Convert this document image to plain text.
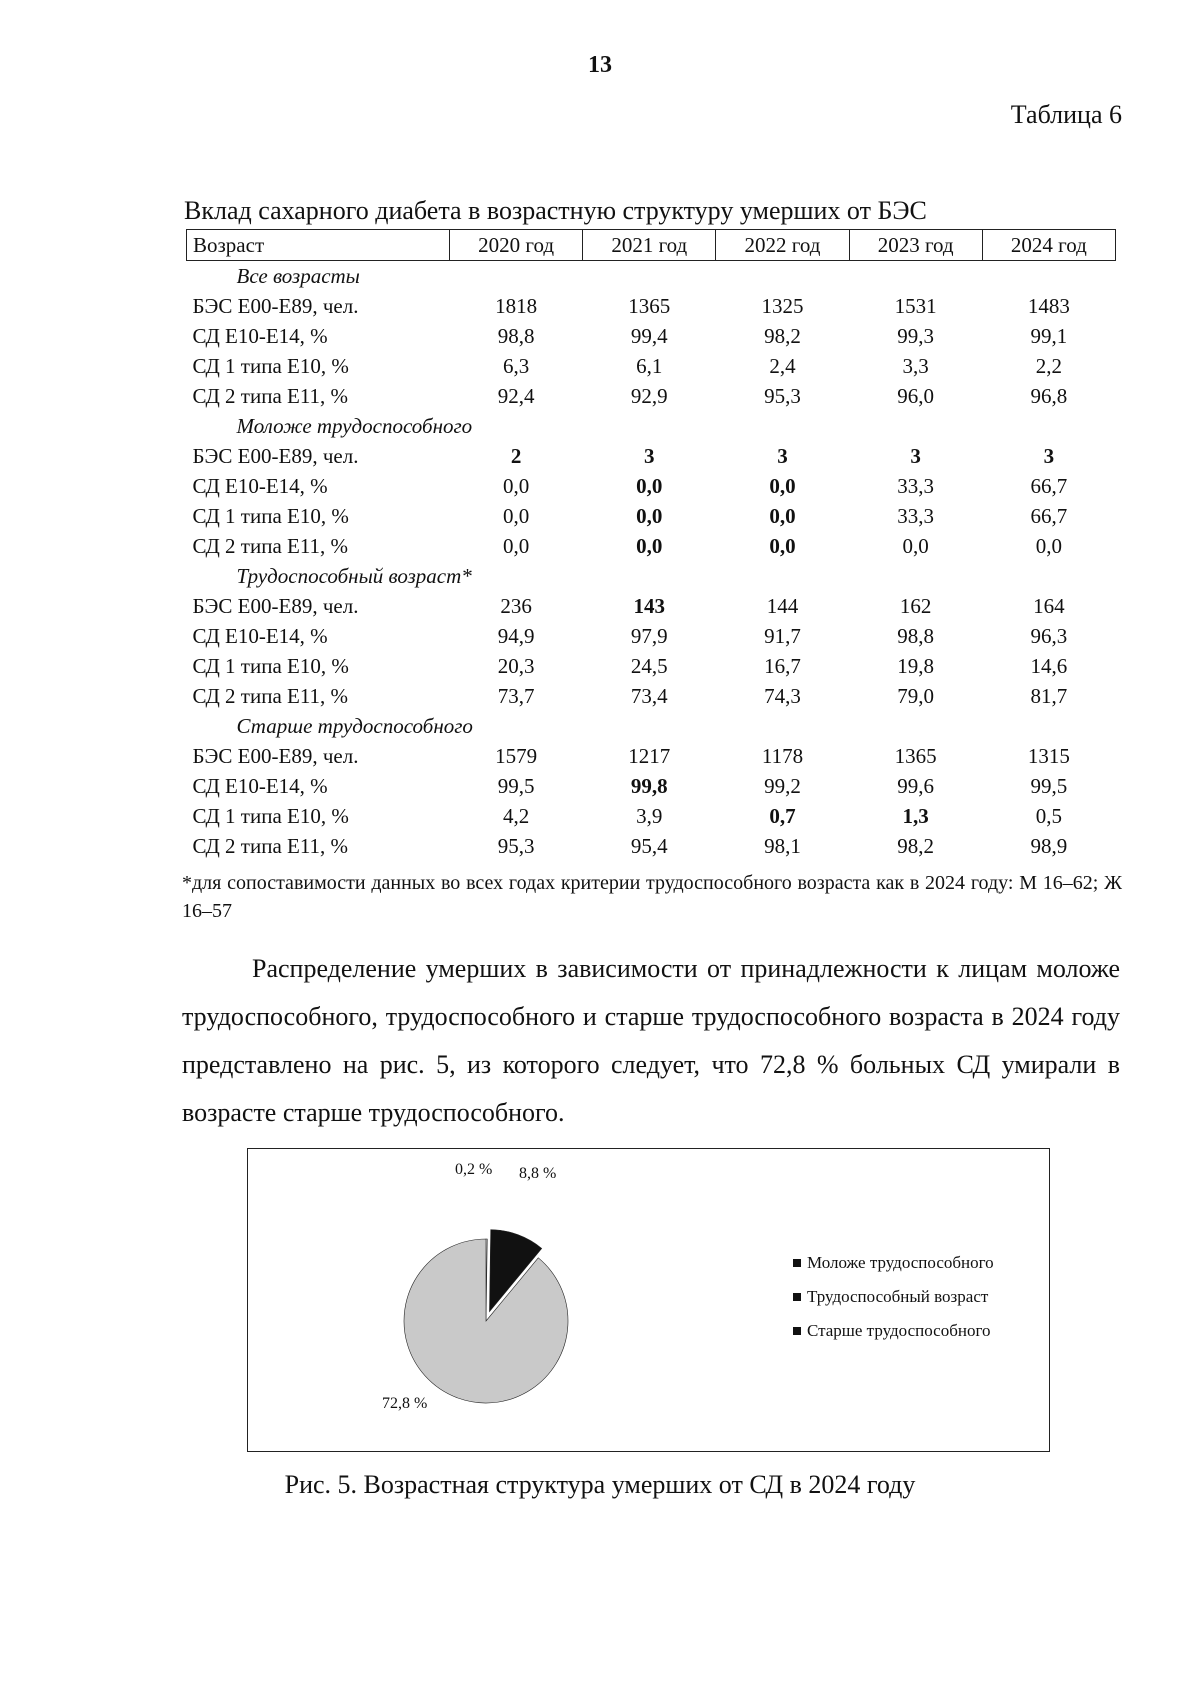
13
Таблица 6
Вклад сахарного диабета в возрастную структуру умерших от БЭС
Возраст	2020 год	2021 год	2022 год	2023 год	2024 год
Все возрасты					
БЭС Е00-Е89, чел.	1818	1365	1325	1531	1483
СД Е10-Е14, %	98,8	99,4	98,2	99,3	99,1
СД 1 типа Е10, %	6,3	6,1	2,4	3,3	2,2
СД 2 типа Е11, %	92,4	92,9	95,3	96,0	96,8
Моложе трудоспособного					
БЭС Е00-Е89, чел.	2	3	3	3	3
СД Е10-Е14, %	0,0	0,0	0,0	33,3	66,7
СД 1 типа Е10, %	0,0	0,0	0,0	33,3	66,7
СД 2 типа Е11, %	0,0	0,0	0,0	0,0	0,0
Трудоспособный возраст*					
БЭС Е00-Е89, чел.	236	143	144	162	164
СД Е10-Е14, %	94,9	97,9	91,7	98,8	96,3
СД 1 типа Е10, %	20,3	24,5	16,7	19,8	14,6
СД 2 типа Е11, %	73,7	73,4	74,3	79,0	81,7
Старше трудоспособного					
БЭС Е00-Е89, чел.	1579	1217	1178	1365	1315
СД Е10-Е14, %	99,5	99,8	99,2	99,6	99,5
СД 1 типа Е10, %	4,2	3,9	0,7	1,3	0,5
СД 2 типа Е11, %	95,3	95,4	98,1	98,2	98,9
*для сопоставимости данных во всех годах критерии трудоспособного возраста как в 2024 году: М 16–62; Ж 16–57
Распределение умерших в зависимости от принадлежности к лицам моложе трудоспособного, трудоспособного и старше трудоспособного возраста в 2024 году представлено на рис. 5, из которого следует, что 72,8 % больных СД умирали в возрасте старше трудоспособного.
0,2 % 8,8 %
72,8 %
Моложе трудоспособного
Трудоспособный возраст
Старше трудоспособного
Рис. 5. Возрастная структура умерших от СД в 2024 году
